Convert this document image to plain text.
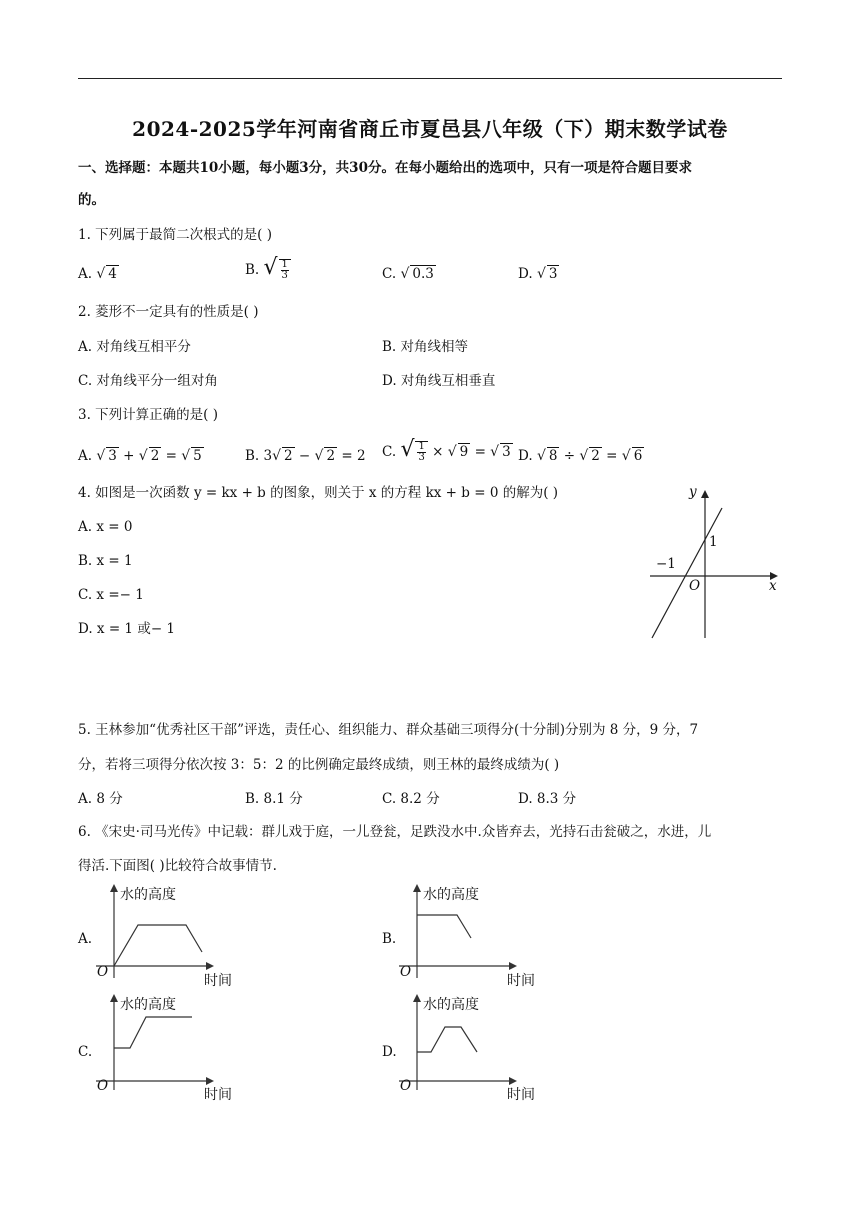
2024-2025学年河南省商丘市夏邑县八年级（下）期末数学试卷
一、选择题：本题共10小题，每小题3分，共30分。在每小题给出的选项中，只有一项是符合题目要求
的。
1. 下列属于最简二次根式的是( )
A. √ 4	B. √ $\frac{1}{3}$	C. √ 0.3	D. √ 3
2. 菱形不一定具有的性质是( )
A. 对角线互相平分	B. 对角线相等
C. 对角线平分一组对角	D. 对角线互相垂直
3. 下列计算正确的是( )
A. √ 3 + √ 2 = √ 5	B. 3√ 2 − √ 2 = 2 C. √ $\frac{1}{3}$ × √ 9 = √ 3 D. √ 8 ÷ √ 2 = √ 6
4. 如图是一次函数 y = kx + b 的图象，则关于 x 的方程 kx + b = 0 的解为( )
A. x = 0
B. x = 1
C. x =− 1
D. x = 1 或− 1
y
x
O
−1
1
5. 王林参加“优秀社区干部”评选，责任心、组织能力、群众基础三项得分(十分制)分别为 8 分，9 分，7
分，若将三项得分依次按 3：5：2 的比例确定最终成绩，则王林的最终成绩为( )
A. 8 分	B. 8.1 分	C. 8.2 分	D. 8.3 分
6. 《宋史·司马光传》中记载：群儿戏于庭，一儿登瓮，足跌没水中.众皆弃去，光持石击瓮破之，水进，儿
得活.下面图( )比较符合故事情节.
A.
水的高度
时间
O
B.
水的高度
时间
O
C.
水的高度
时间
O
D.
水的高度
时间
O
